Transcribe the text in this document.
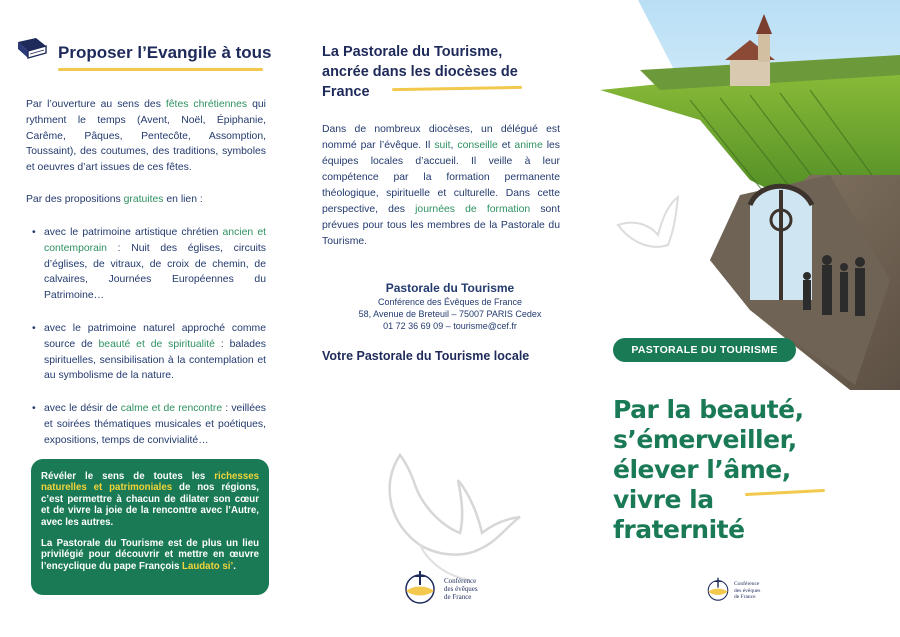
Proposer l’Evangile à tous
Par l’ouverture au sens des fêtes chrétiennes qui rythment le temps (Avent, Noël, Épiphanie, Carême, Pâques, Pentecôte, Assomption, Toussaint), des coutumes, des traditions, symboles et oeuvres d’art issues de ces fêtes.
Par des propositions gratuites en lien :
• avec le patrimoine artistique chrétien ancien et contemporain : Nuit des églises, circuits d’églises, de vitraux, de croix de chemin, de calvaires, Journées Européennes du Patrimoine…
• avec le patrimoine naturel approché comme source de beauté et de spiritualité : balades spirituelles, sensibilisation à la contemplation et au symbolisme de la nature.
• avec le désir de calme et de rencontre : veillées et soirées thématiques musicales et poétiques, expositions, temps de convivialité…

Révéler le sens de toutes les richesses naturelles et patrimoniales de nos régions, c’est permettre à chacun de dilater son cœur et de vivre la joie de la rencontre avec l’Autre, avec les autres.

La Pastorale du Tourisme est de plus un lieu privilégié pour découvrir et mettre en œuvre l’encyclique du pape François Laudato si’.

La Pastorale du Tourisme,
ancrée dans les diocèses de
France
Dans de nombreux diocèses, un délégué est nommé par l’évêque. Il suit, conseille et anime les équipes locales d’accueil. Il veille à leur compétence par la formation permanente théologique, spirituelle et culturelle. Dans cette perspective, des journées de formation sont prévues pour tous les membres de la Pastorale du Tourisme.
Pastorale du Tourisme
Conférence des Évêques de France
58, Avenue de Breteuil – 75007 PARIS Cedex
01 72 36 69 09 – tourisme@cef.fr
Votre Pastorale du Tourisme locale
Conférence
des évêques
de France
PASTORALE DU TOURISME
Par la beauté,
s’émerveiller,
élever l’âme,
vivre la
fraternité
Conférence
des évêques
de France
